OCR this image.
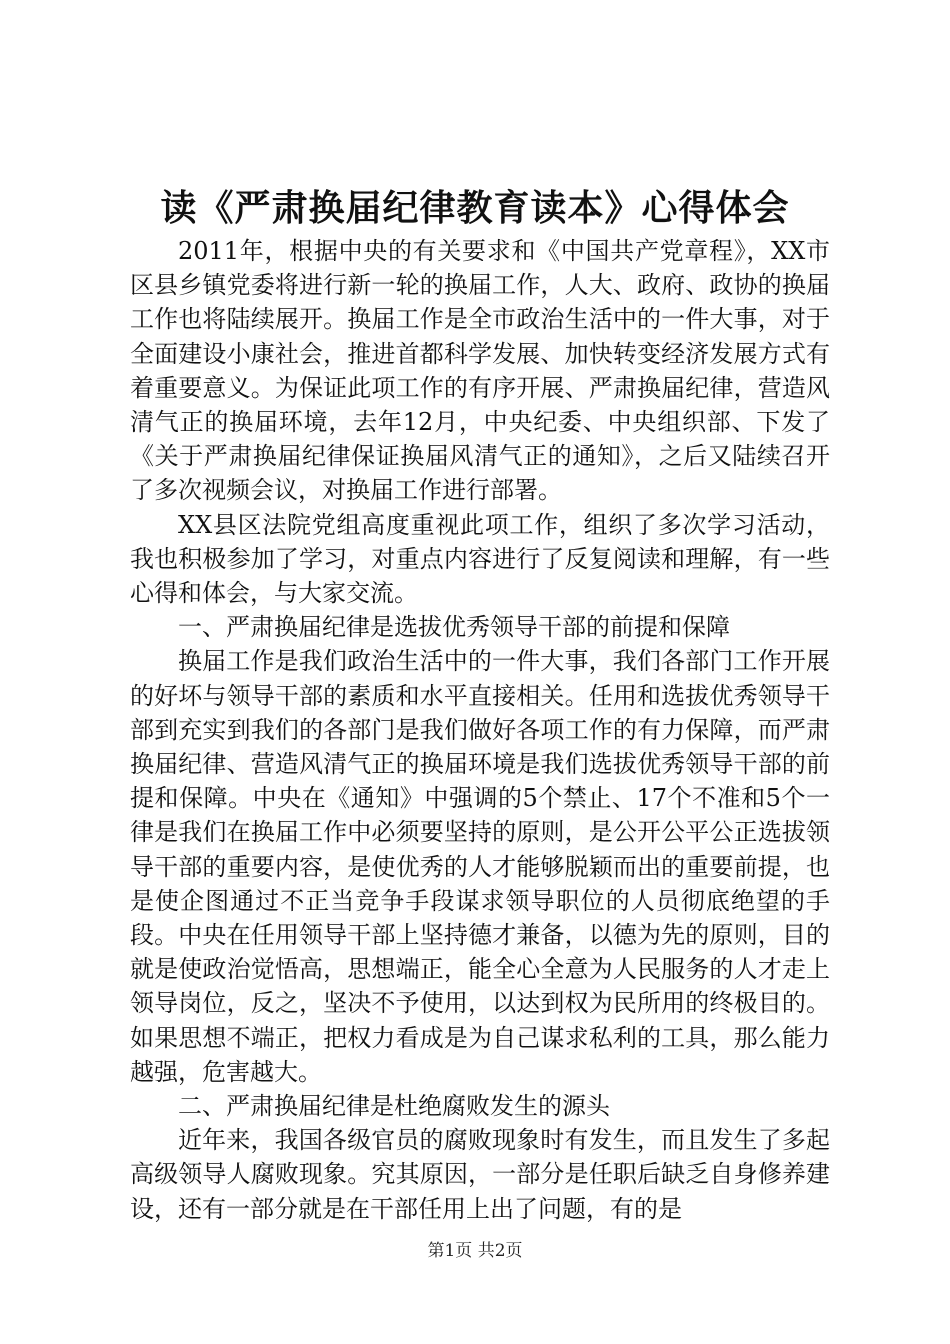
读《严肃换届纪律教育读本》心得体会

2011年，根据中央的有关要求和《中国共产党章程》，XX市区县乡镇党委将进行新一轮的换届工作，人大、政府、政协的换届工作也将陆续展开。换届工作是全市政治生活中的一件大事，对于全面建设小康社会，推进首都科学发展、加快转变经济发展方式有着重要意义。为保证此项工作的有序开展、严肃换届纪律，营造风清气正的换届环境，去年12月，中央纪委、中央组织部、下发了《关于严肃换届纪律保证换届风清气正的通知》，之后又陆续召开了多次视频会议，对换届工作进行部署。

XX县区法院党组高度重视此项工作，组织了多次学习活动，我也积极参加了学习，对重点内容进行了反复阅读和理解，有一些心得和体会，与大家交流。

一、严肃换届纪律是选拔优秀领导干部的前提和保障

换届工作是我们政治生活中的一件大事，我们各部门工作开展的好坏与领导干部的素质和水平直接相关。任用和选拔优秀领导干部到充实到我们的各部门是我们做好各项工作的有力保障，而严肃换届纪律、营造风清气正的换届环境是我们选拔优秀领导干部的前提和保障。中央在《通知》中强调的5个禁止、17个不准和5个一律是我们在换届工作中必须要坚持的原则，是公开公平公正选拔领导干部的重要内容，是使优秀的人才能够脱颖而出的重要前提，也是使企图通过不正当竞争手段谋求领导职位的人员彻底绝望的手段。中央在任用领导干部上坚持德才兼备，以德为先的原则，目的就是使政治觉悟高，思想端正，能全心全意为人民服务的人才走上领导岗位，反之，坚决不予使用，以达到权为民所用的终极目的。如果思想不端正，把权力看成是为自己谋求私利的工具，那么能力越强，危害越大。

二、严肃换届纪律是杜绝腐败发生的源头

近年来，我国各级官员的腐败现象时有发生，而且发生了多起高级领导人腐败现象。究其原因，一部分是任职后缺乏自身修养建设，还有一部分就是在干部任用上出了问题，有的是

第1页 共2页
